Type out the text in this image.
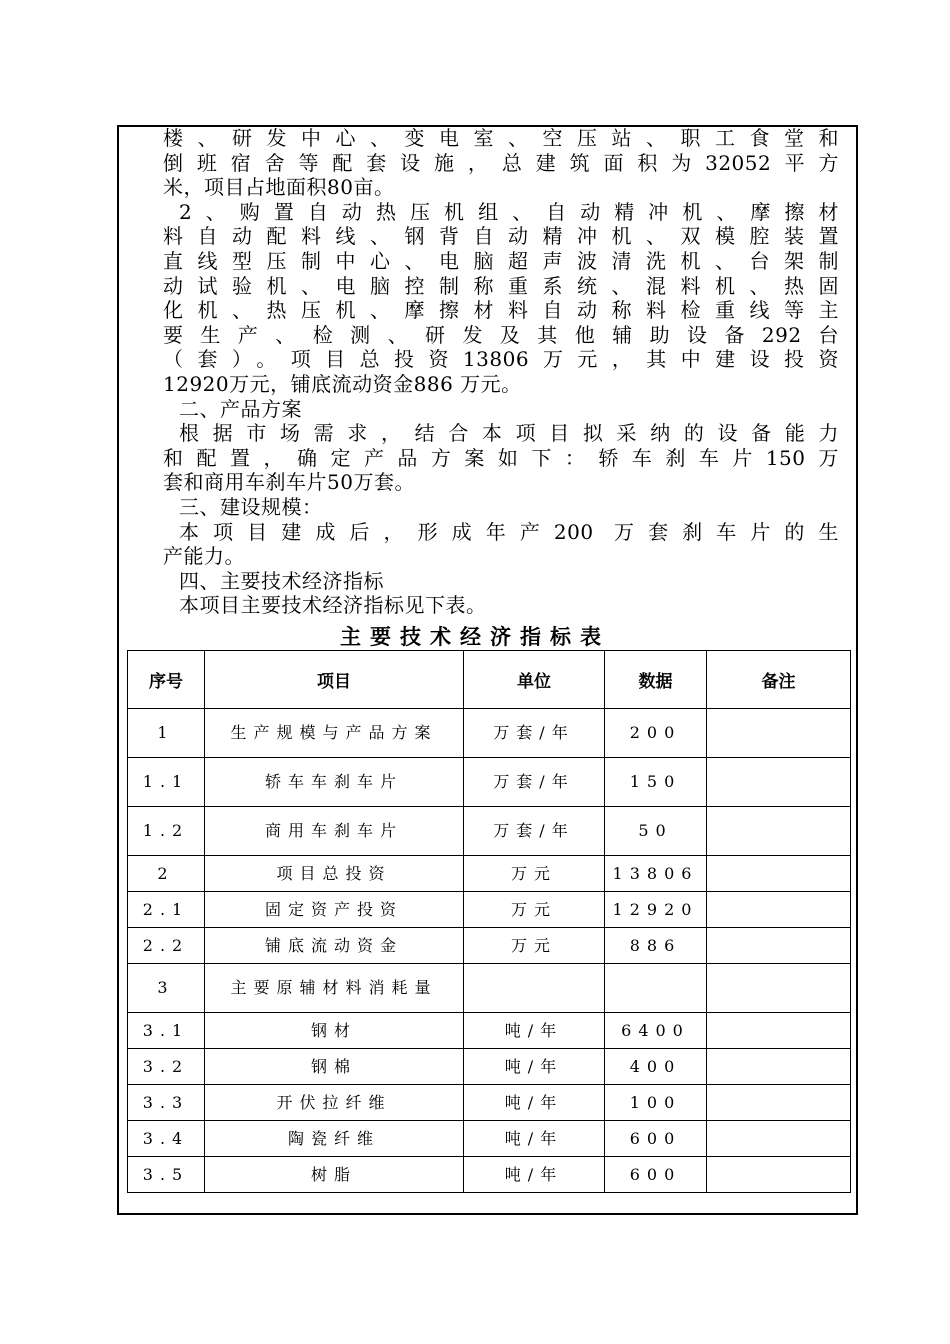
楼、研发中心、变电室、空压站、职工食堂和
倒班宿舍等配套设施，总建筑面积为32052平方
米，项目占地面积80亩。
2、购置自动热压机组、自动精冲机、摩擦材
料自动配料线、钢背自动精冲机、双模腔装置
直线型压制中心、电脑超声波清洗机、台架制
动试验机、电脑控制称重系统、混料机、热固
化机、热压机、摩擦材料自动称料检重线等主
要生产、检测、研发及其他辅助设备292台
（套）。项目总投资13806万元，其中建设投资
12920万元，铺底流动资金886 万元。
二、产品方案
根据市场需求，结合本项目拟采纳的设备能力
和配置，确定产品方案如下：轿车刹车片150万
套和商用车刹车片50万套。
三、建设规模：
本项目建成后，形成年产200 万套刹车片的生
产能力。
四、主要技术经济指标
本项目主要技术经济指标见下表。
主要技术经济指标表
序号	项目	单位	数据	备注
1	生产规模与产品方案	万套/年	200	
1.1	轿车车刹车片	万套/年	150	
1.2	商用车刹车片	万套/年	50	
2	项目总投资	万元	13806	
2.1	固定资产投资	万元	12920	
2.2	铺底流动资金	万元	886	
3	主要原辅材料消耗量			
3.1	钢材	吨/年	6400	
3.2	钢棉	吨/年	400	
3.3	开伏拉纤维	吨/年	100	
3.4	陶瓷纤维	吨/年	600	
3.5	树脂	吨/年	600	
